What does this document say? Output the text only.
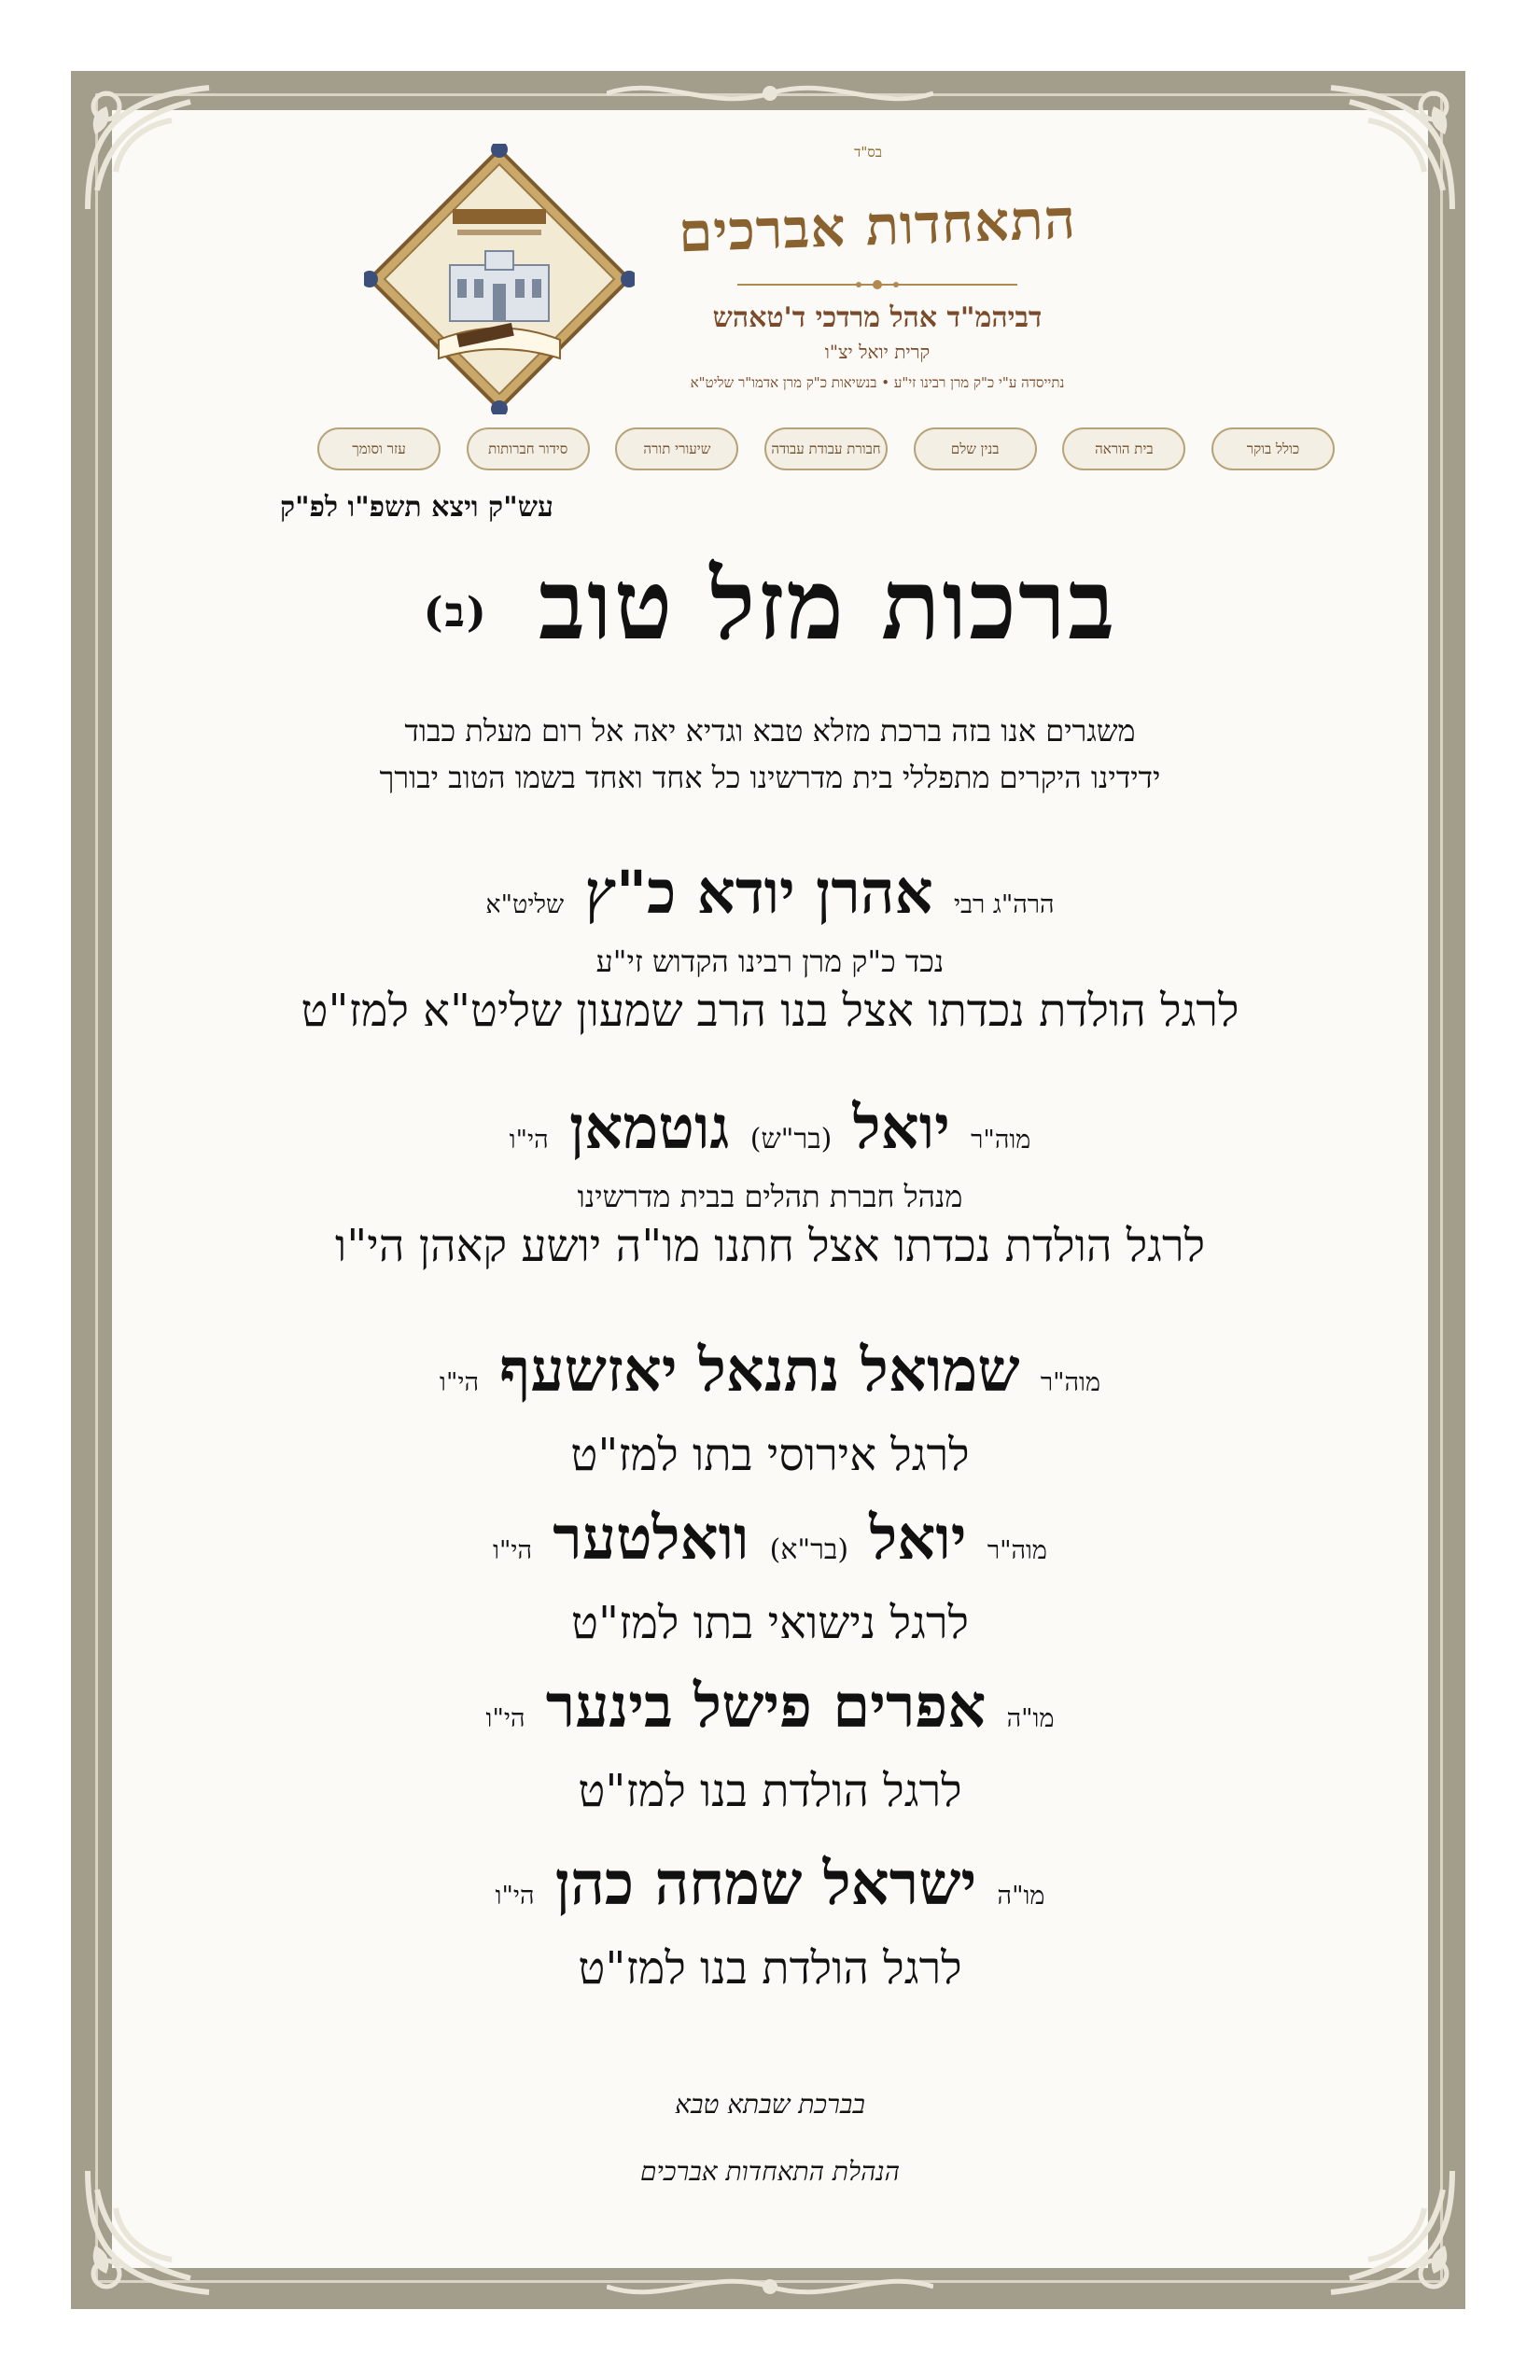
בס"ד
התאחדות אברכים
דביהמ"ד אהל מרדכי ד'טאהש
קרית יואל יצ"ו
נתייסדה ע"י כ"ק מרן רבינו זי"ע • בנשיאות כ"ק מרן אדמו"ר שליט"א
כולל בוקר
בית הוראה
בנין שלם
חבורת עבודת עבודה
שיעורי תורה
סידור חברותות
עזר וסומך
עש"ק ויצא תשפ"ו לפ"ק
ברכות מזל טוב (ב)
משגרים אנו בזה ברכת מזלא טבא וגדיא יאה אל רום מעלת כבוד
ידידינו היקרים מתפללי בית מדרשינו כל אחד ואחד בשמו הטוב יבורך
הרה"ג רבי אהרן יודא כ"ץ שליט"א
נכד כ"ק מרן רבינו הקדוש זי"ע
לרגל הולדת נכדתו אצל בנו הרב שמעון שליט"א למז"ט
מוה"ר יואל (בר"ש) גוטמאן הי"ו
מנהל חברת תהלים בבית מדרשינו
לרגל הולדת נכדתו אצל חתנו מו"ה יושע קאהן הי"ו
מוה"ר שמואל נתנאל יאזשעף הי"ו
לרגל אירוסי בתו למז"ט
מוה"ר יואל (בר"א) וואלטער הי"ו
לרגל נישואי בתו למז"ט
מו"ה אפרים פישל בינער הי"ו
לרגל הולדת בנו למז"ט
מו"ה ישראל שמחה כהן הי"ו
לרגל הולדת בנו למז"ט
בברכת שבתא טבא
הנהלת התאחדות אברכים
